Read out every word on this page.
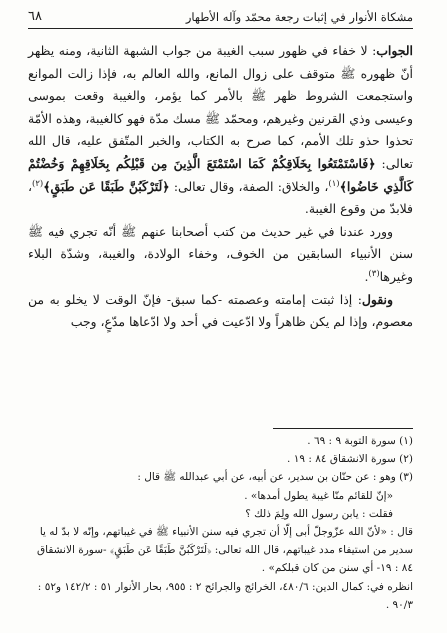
مشكاة الأنوار في إثبات رجعة محمّد وآله الأطهار
٦٨

الجواب: لا خفاء في ظهور سبب الغيبة من جواب الشبهة الثانية، ومنه يظهر أنّ ظهوره ﷺ متوقف على زوال المانع، والله العالم به، فإذا زالت الموانع واستجمعت الشروط ظهر ﷺ بالأمر كما يؤمر، والغيبة وقعت بموسى وعيسى وذي القرنين وغيرهم، ومحمّد ﷺ مسك مدّة فهو كالغيبة، وهذه الأمّة تحذوا حذو تلك الأمم، كما صرح به الكتاب، والخبر المتّفق عليه، قال الله تعالى: ﴿فَاسْتَمْتَعُوا بِخَلَاقِكُمْ كَمَا اسْتَمْتَعَ الَّذِينَ مِن قَبْلِكُم بِخَلَاقِهِمْ وَخُضْتُمْ كَالَّذِي خَاضُوا﴾$^{(١)}$، والخلاق: الصفة، وقال تعالى: ﴿لَتَرْكَبُنَّ طَبَقًا عَن طَبَقٍ﴾$^{(٢)}$، فلابدّ من وقوع الغيبة.

وورد عندنا في غير حديث من كتب أصحابنا عنهم ﷺ أنّه تجري فيه ﷺ سنن الأنبياء السابقين من الخوف، وخفاء الولادة، والغيبة، وشدّة البلاء وغيرها$^{(٣)}$.

ونقول: إذا ثبتت إمامته وعصمته -كما سبق- فإنّ الوقت لا يخلو به من معصوم، وإذا لم يكن ظاهراً ولا ادّعيت في أحد ولا ادّعاها مدّعٍ، وجب

(١) سورة التوبة ٩ : ٦٩ .

(٢) سورة الانشقاق ٨٤ : ١٩ .

(٣) وهو : عن حنّان بن سدير، عن أبيه، عن أبي عبدالله ﷺ قال :

«إنّ للقائم منّا غيبة يطول أمدها» .

فقلت : يابن رسول الله ولِمَ ذلك ؟

قال : «لأنّ الله عزّوجلّ أبى إلّا أن تجري فيه سنن الأنبياء ﷺ في غيباتهم، وإنّه لا بدّ له يا سدير من استيفاء مدد غيباتهم، قال الله تعالى: ﴿لَتَرْكَبُنَّ طَبَقًا عَن طَبَقٍ﴾ -سورة الانشقاق ٨٤ : ١٩- أي سنن من كان قبلكم» .

انظره في: كمال الدين: ٤٨٠/٦، الخرائج والجرائح ٢ : ٩٥٥، بحار الأنوار ٥١ : ١٤٢/٢ و٥٢ : ٩٠/٣ .
